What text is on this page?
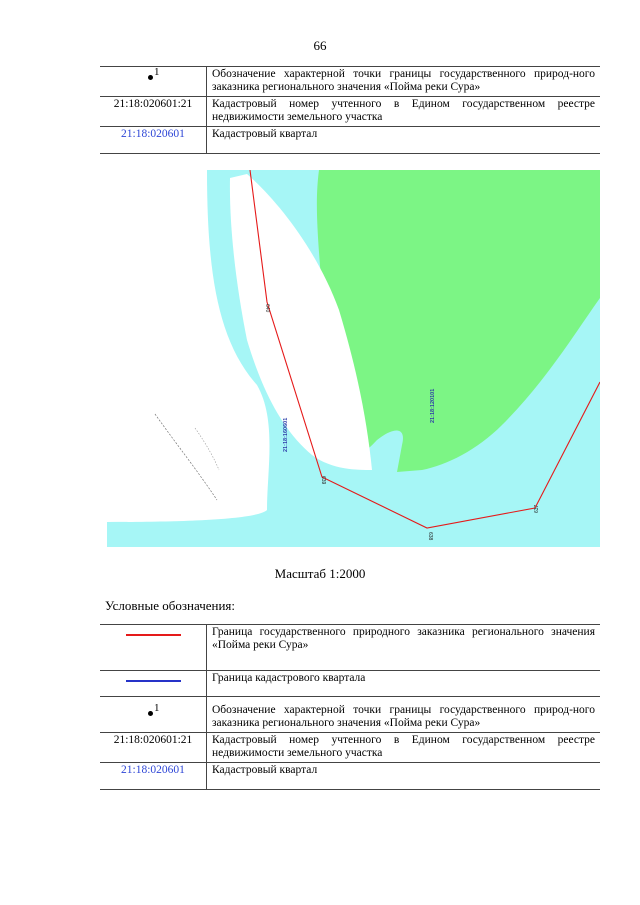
66
1	Обозначение характерной точки границы государственного природ-ного заказника регионального значения «Пойма реки Сура»
21:18:020601:21	Кадастровый номер учтенного в Едином государственном реестре недвижимости земельного участка
21:18:020601	Кадастровый квартал
640
639
638
637
21:18:160601
21:18:120101
Масштаб 1:2000
Условные обозначения:
	Граница государственного природного заказника регионального значения «Пойма реки Сура»

	Граница кадастрового квартала

1	Обозначение характерной точки границы государственного природ-ного заказника регионального значения «Пойма реки Сура»
21:18:020601:21	Кадастровый номер учтенного в Едином государственном реестре недвижимости земельного участка
21:18:020601	Кадастровый квартал
